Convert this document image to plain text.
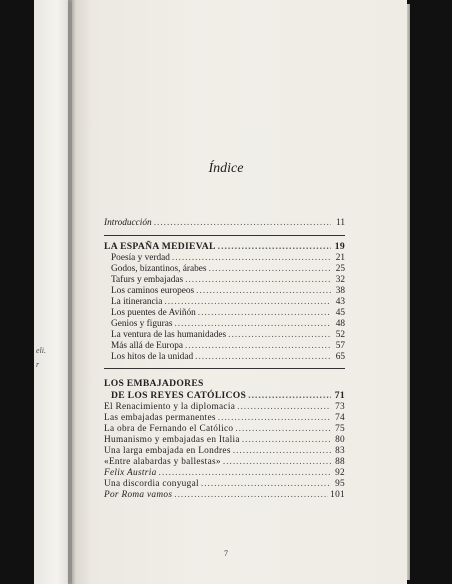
eli.
r
Índice
Introducción .....	11
LA ESPAÑA MEDIEVAL .....	19
Poesía y verdad .....	21
Godos, bizantinos, árabes .....	25
Tafurs y embajadas .....	32
Los caminos europeos .....	38
La itinerancia .....	43
Los puentes de Aviñón .....	45
Genios y figuras .....	48
La ventura de las humanidades .....	52
Más allá de Europa .....	57
Los hitos de la unidad .....	65
LOS EMBAJADORES
DE LOS REYES CATÓLICOS .....	71
El Renacimiento y la diplomacia .....	73
Las embajadas permanentes .....	74
La obra de Fernando el Católico .....	75
Humanismo y embajadas en Italia .....	80
Una larga embajada en Londres .....	83
«Entre alabardas y ballestas» .....	88
Felix Austria .....	92
Una discordia conyugal .....	95
Por Roma vamos .....	101
7
